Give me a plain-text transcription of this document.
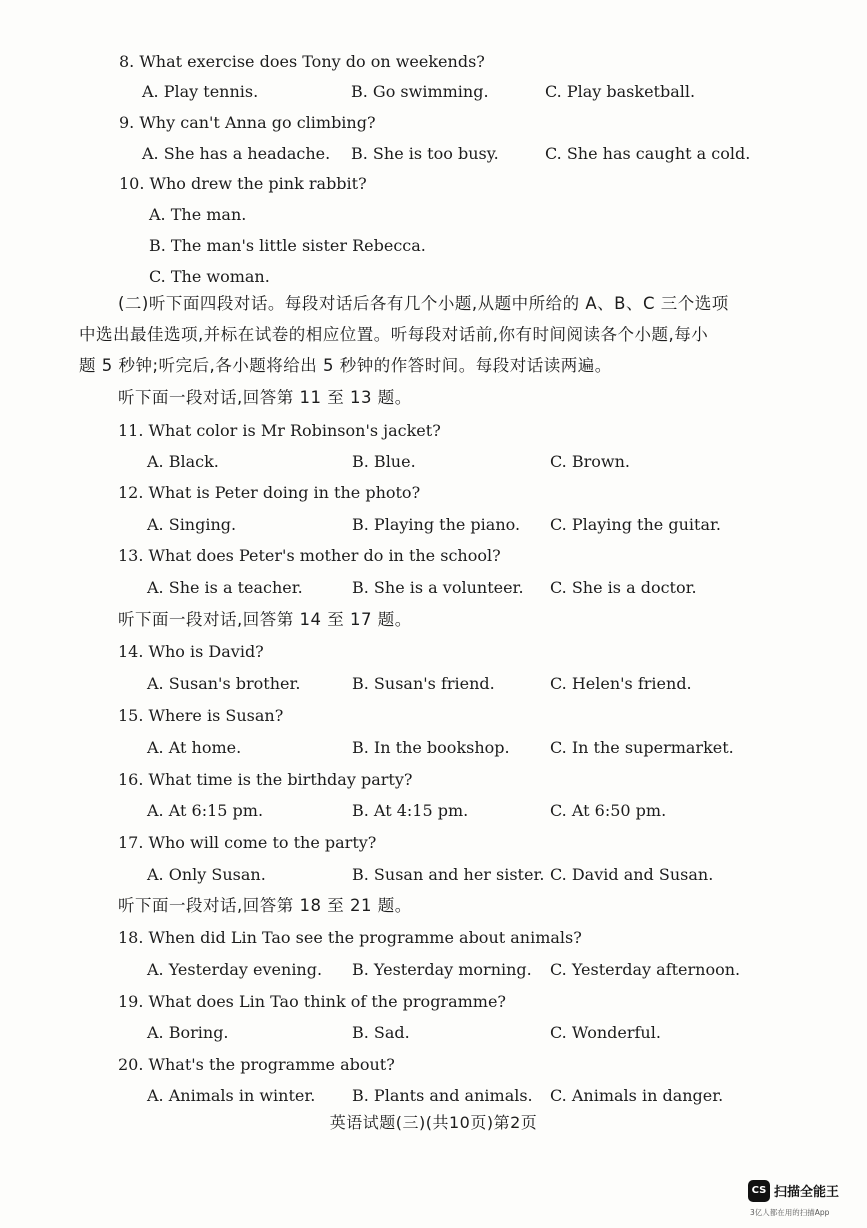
8. What exercise does Tony do on weekends?
A. Play tennis.	B. Go swimming.	C. Play basketball.
9. Why can't Anna go climbing?
A. She has a headache. B. She is too busy.	C. She has caught a cold.
10. Who drew the pink rabbit?
A. The man.
B. The man's little sister Rebecca.
C. The woman.
(二)听下面四段对话。每段对话后各有几个小题,从题中所给的 A、B、C 三个选项
中选出最佳选项,并标在试卷的相应位置。听每段对话前,你有时间阅读各个小题,每小
题 5 秒钟;听完后,各小题将给出 5 秒钟的作答时间。每段对话读两遍。
听下面一段对话,回答第 11 至 13 题。
11. What color is Mr Robinson's jacket?
A. Black.	B. Blue.	C. Brown.
12. What is Peter doing in the photo?
A. Singing.	B. Playing the piano. C. Playing the guitar.
13. What does Peter's mother do in the school?
A. She is a teacher.	B. She is a volunteer. C. She is a doctor.
听下面一段对话,回答第 14 至 17 题。
14. Who is David?
A. Susan's brother.	B. Susan's friend.	C. Helen's friend.
15. Where is Susan?
A. At home.	B. In the bookshop.	C. In the supermarket.
16. What time is the birthday party?
A. At 6:15 pm.	B. At 4:15 pm.	C. At 6:50 pm.
17. Who will come to the party?
A. Only Susan.	B. Susan and her sister. C. David and Susan.
听下面一段对话,回答第 18 至 21 题。
18. When did Lin Tao see the programme about animals?
A. Yesterday evening. B. Yesterday morning. C. Yesterday afternoon.
19. What does Lin Tao think of the programme?
A. Boring.	B. Sad.	C. Wonderful.
20. What's the programme about?
A. Animals in winter. B. Plants and animals. C. Animals in danger.
英语试题(三)(共10页)第2页
CS 扫描全能王
3亿人都在用的扫描App
